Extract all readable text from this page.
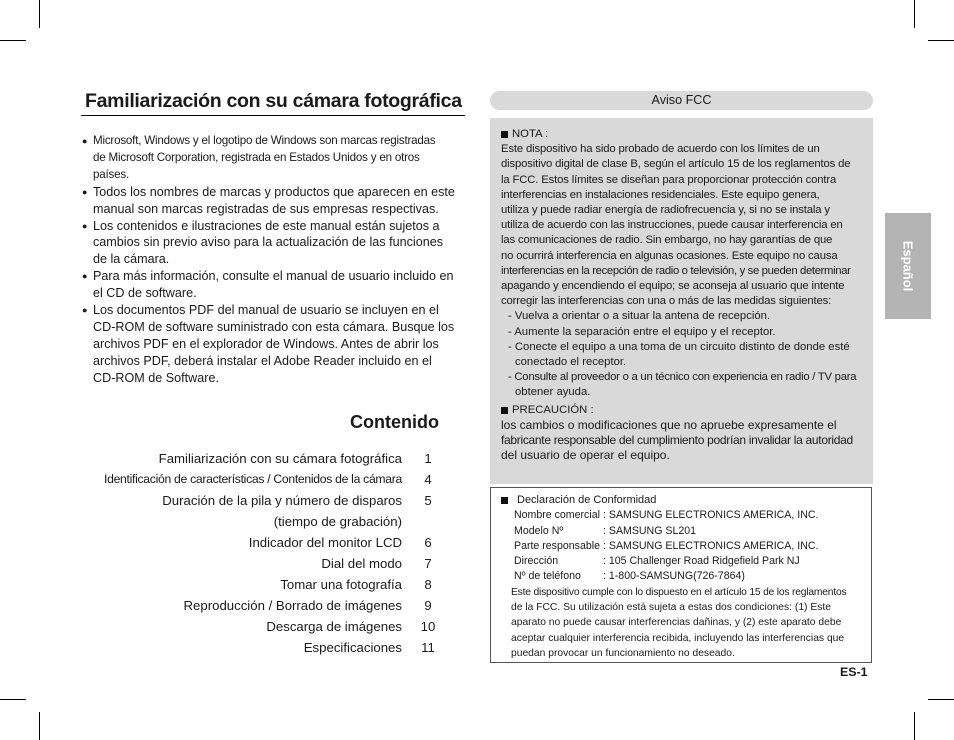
Familiarización con su cámara fotográfica
● Microsoft, Windows y el logotipo de Windows son marcas registradas
de Microsoft Corporation, registrada en Estados Unidos y en otros
países.
● Todos los nombres de marcas y productos que aparecen en este
manual son marcas registradas de sus empresas respectivas.
● Los contenidos e ilustraciones de este manual están sujetos a
cambios sin previo aviso para la actualización de las funciones
de la cámara.
● Para más información, consulte el manual de usuario incluido en
el CD de software.
● Los documentos PDF del manual de usuario se incluyen en el
CD-ROM de software suministrado con esta cámara. Busque los
archivos PDF en el explorador de Windows. Antes de abrir los
archivos PDF, deberá instalar el Adobe Reader incluido en el
CD-ROM de Software.
Contenido
Familiarización con su cámara fotográfica	1
Identificación de características / Contenidos de la cámara	4
Duración de la pila y número de disparos	5
(tiempo de grabación)
Indicador del monitor LCD	6
Dial del modo	7
Tomar una fotografía	8
Reproducción / Borrado de imágenes	9
Descarga de imágenes	10
Especificaciones	11
Aviso FCC
NOTA :
Este dispositivo ha sido probado de acuerdo con los límites de un
dispositivo digital de clase B, según el artículo 15 de los reglamentos de
la FCC. Estos límites se diseñan para proporcionar protección contra
interferencias en instalaciones residenciales. Este equipo genera,
utiliza y puede radiar energía de radiofrecuencia y, si no se instala y
utiliza de acuerdo con las instrucciones, puede causar interferencia en
las comunicaciones de radio. Sin embargo, no hay garantías de que
no ocurrirá interferencia en algunas ocasiones. Este equipo no causa
interferencias en la recepción de radio o televisión, y se pueden determinar
apagando y encendiendo el equipo; se aconseja al usuario que intente
corregir las interferencias con una o más de las medidas siguientes:
- Vuelva a orientar o a situar la antena de recepción.
- Aumente la separación entre el equipo y el receptor.
- Conecte el equipo a una toma de un circuito distinto de donde esté
conectado el receptor.
- Consulte al proveedor o a un técnico con experiencia en radio / TV para
obtener ayuda.
PRECAUCIÓN :
los cambios o modificaciones que no apruebe expresamente el
fabricante responsable del cumplimiento podrían invalidar la autoridad
del usuario de operar el equipo.
Declaración de Conformidad
Nombre comercial : SAMSUNG ELECTRONICS AMERICA, INC.
Modelo Nº	: SAMSUNG SL201
Parte responsable : SAMSUNG ELECTRONICS AMERICA, INC.
Dirección	: 105 Challenger Road Ridgefield Park NJ
Nº de teléfono	: 1-800-SAMSUNG(726-7864)
Este dispositivo cumple con lo dispuesto en el artículo 15 de los reglamentos
de la FCC. Su utilización está sujeta a estas dos condiciones: (1) Este
aparato no puede causar interferencias dañinas, y (2) este aparato debe
aceptar cualquier interferencia recibida, incluyendo las interferencias que
puedan provocar un funcionamiento no deseado.
Español
ES-1
